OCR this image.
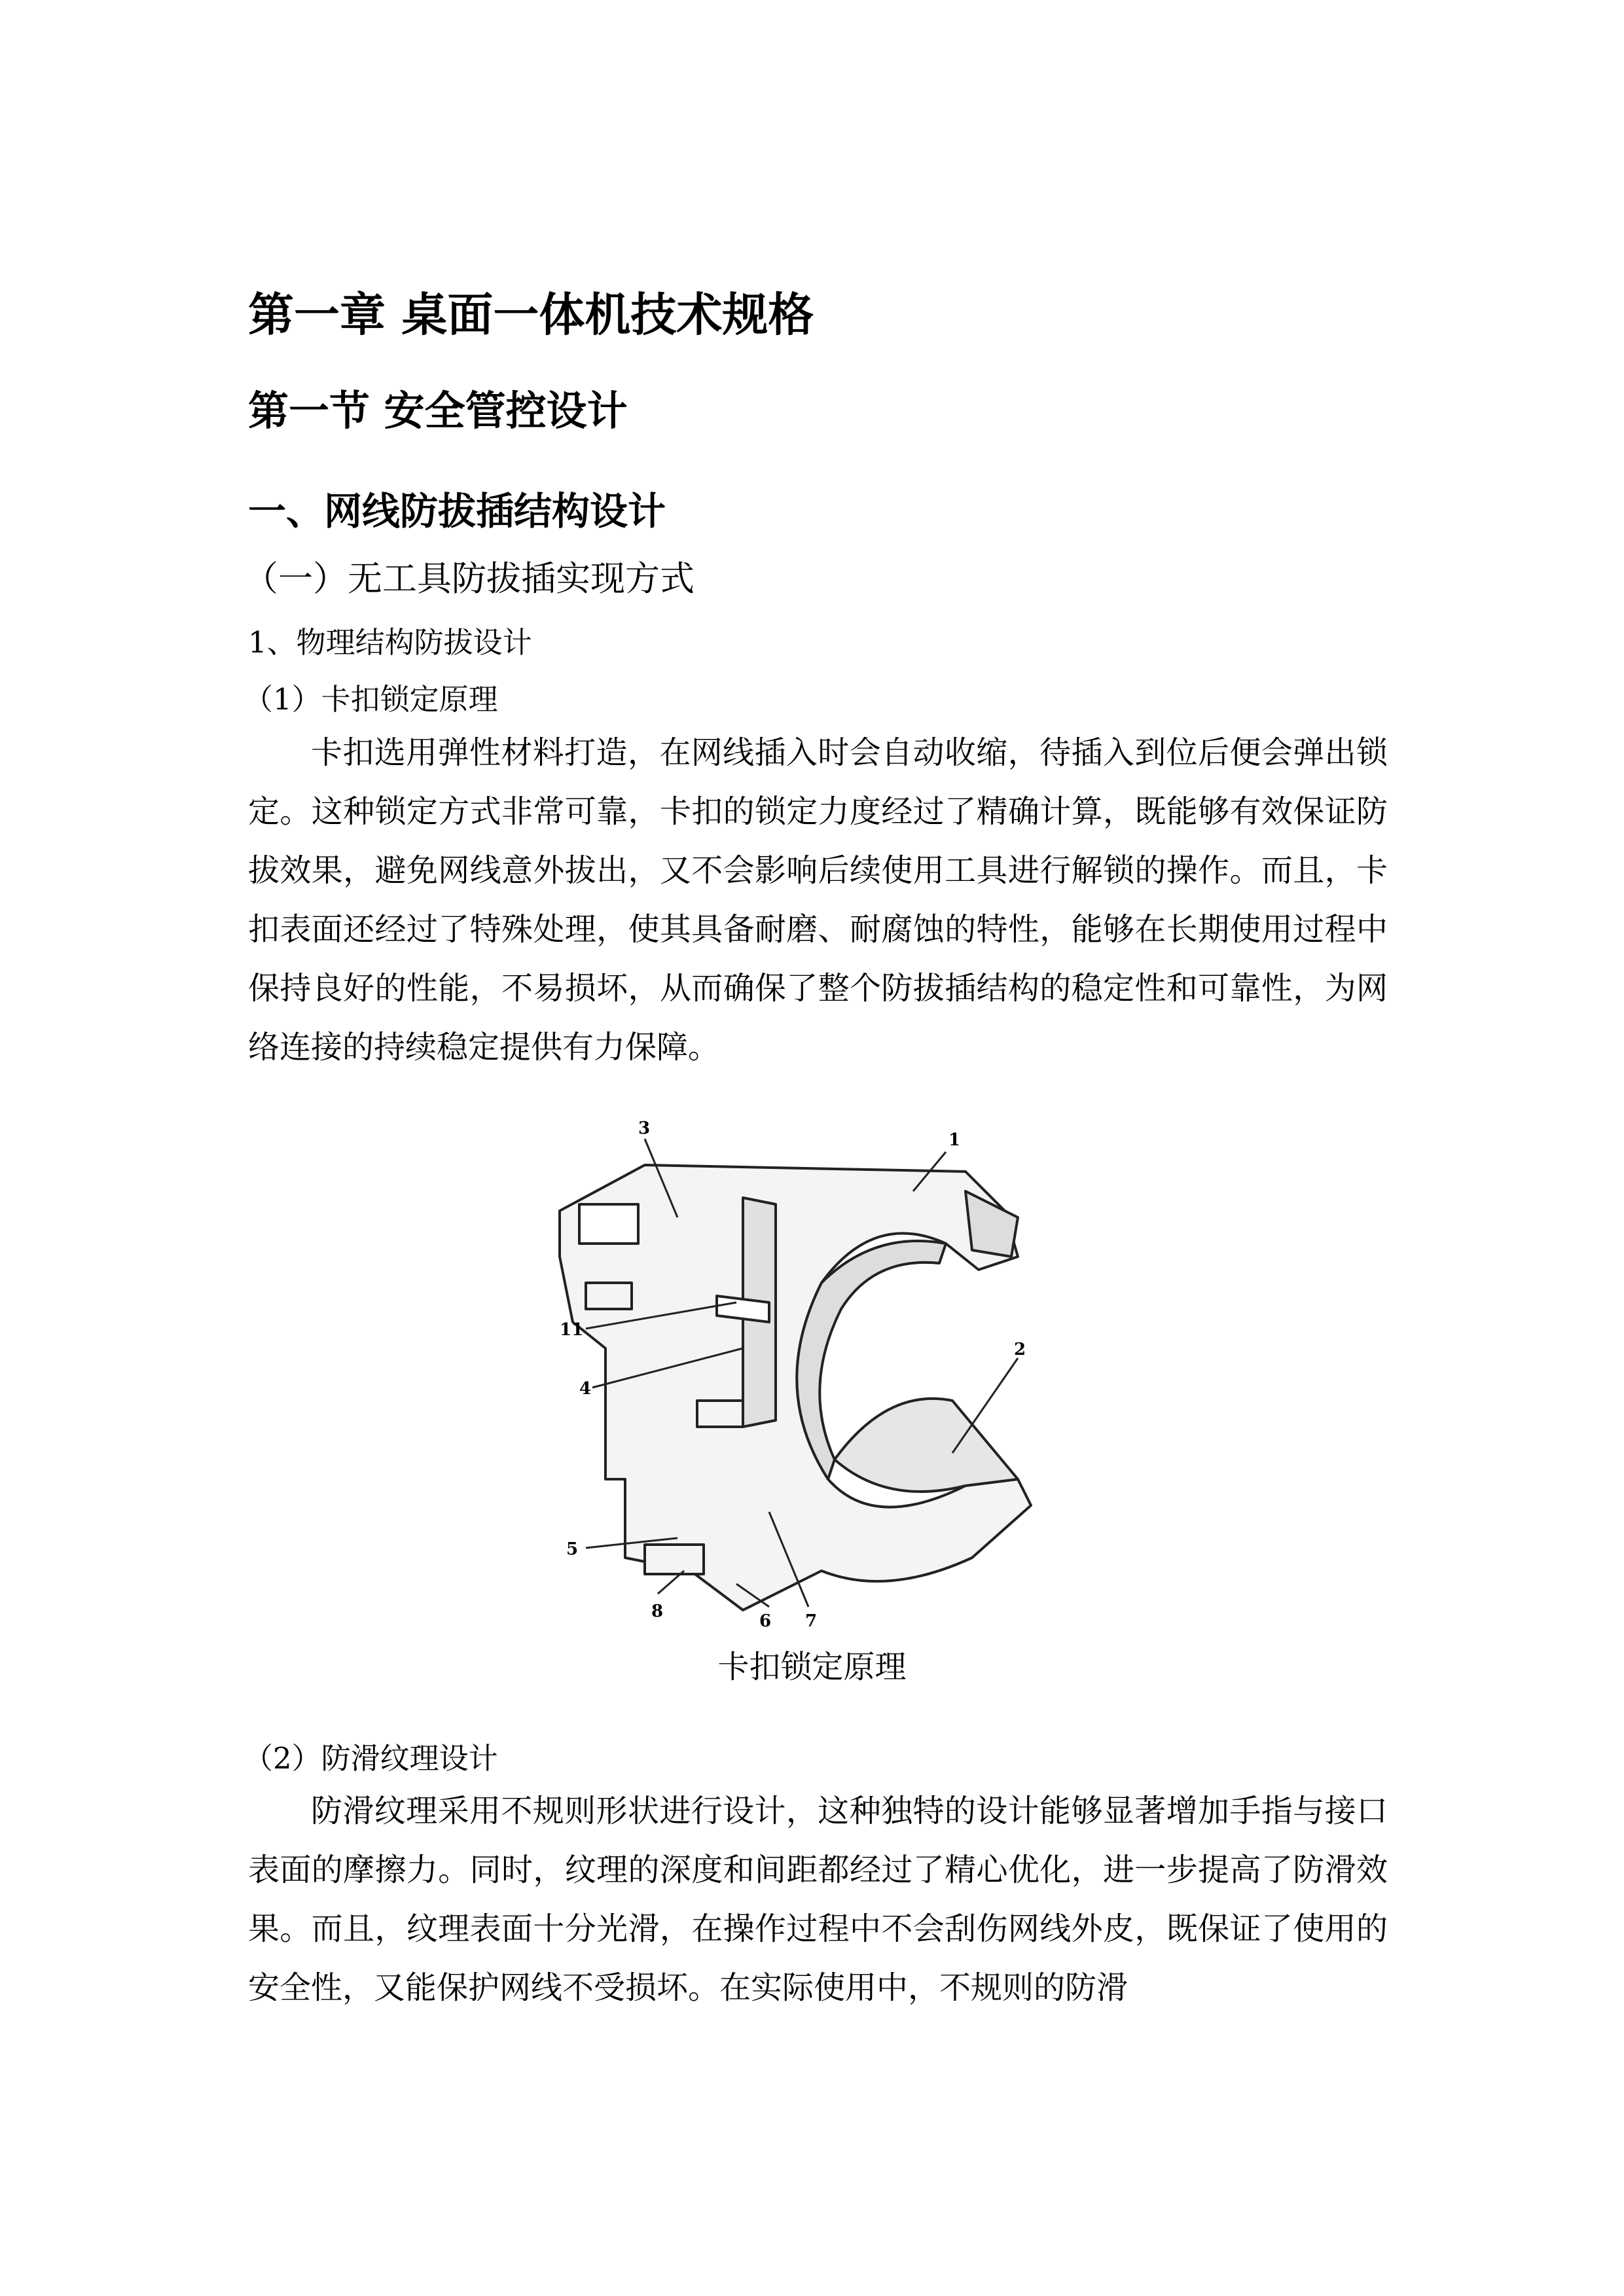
第一章 桌面一体机技术规格
第一节 安全管控设计
一、网线防拔插结构设计
（一）无工具防拔插实现方式
1、物理结构防拔设计
（1）卡扣锁定原理
卡扣选用弹性材料打造，在网线插入时会自动收缩，待插入到位后便会弹出锁定。这种锁定方式非常可靠，卡扣的锁定力度经过了精确计算，既能够有效保证防拔效果，避免网线意外拔出，又不会影响后续使用工具进行解锁的操作。而且，卡扣表面还经过了特殊处理，使其具备耐磨、耐腐蚀的特性，能够在长期使用过程中保持良好的性能，不易损坏，从而确保了整个防拔插结构的稳定性和可靠性，为网络连接的持续稳定提供有力保障。
1
2
3
4
5
6 7
8
11
卡扣锁定原理
（2）防滑纹理设计
防滑纹理采用不规则形状进行设计，这种独特的设计能够显著增加手指与接口表面的摩擦力。同时，纹理的深度和间距都经过了精心优化，进一步提高了防滑效果。而且，纹理表面十分光滑，在操作过程中不会刮伤网线外皮，既保证了使用的安全性，又能保护网线不受损坏。在实际使用中，不规则的防滑
